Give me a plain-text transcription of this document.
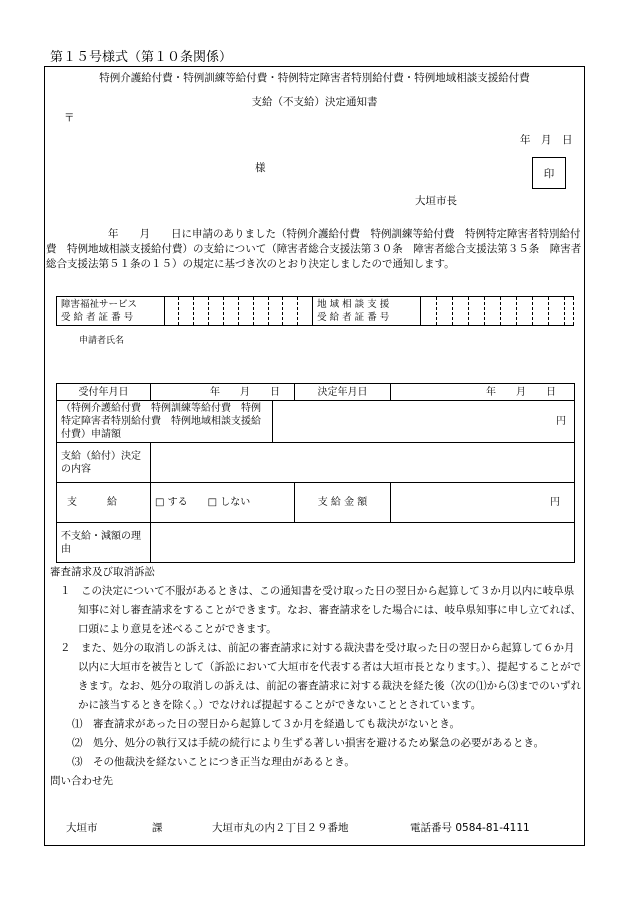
第１５号様式（第１０条関係）
特例介護給付費・特例訓練等給付費・特例特定障害者特別給付費・特例地域相談支援給付費
支給（不支給）決定通知書
〒
年　月　日
様	印
大垣市長
年　　月　　日に申請のありました（特例介護給付費　特例訓練等給付費　特例特定障害者特別給付費　特例地域相談支援給付費）の支給について（障害者総合支援法第３０条　障害者総合支援法第３５条　障害者総合支援法第５１条の１５）の規定に基づき次のとおり決定しましたので通知します。
障害福祉サービス
受 給 者 証 番 号

地 域 相 談 支 援
受 給 者 証 番 号

申請者氏名
受付年月日	年　　月　　日		決定年月日	年　　月　　日
（特例介護給付費　特例訓練等給付費　特例特定障害者特別給付費　特例地域相談支援給付費）申請額		円		
支給（給付）決定の内容				
支　　　給	□ する　　□ しない		支 給 金 額	円
不支給・減額の理由				

審査請求及び取消訴訟

１　この決定について不服があるときは、この通知書を受け取った日の翌日から起算して３か月以内に岐阜県知事に対し審査請求をすることができます。なお、審査請求をした場合には、岐阜県知事に申し立てれば、口頭により意見を述べることができます。

２　また、処分の取消しの訴えは、前記の審査請求に対する裁決書を受け取った日の翌日から起算して６か月以内に大垣市を被告として（訴訟において大垣市を代表する者は大垣市長となります。）、提起することができます。なお、処分の取消しの訴えは、前記の審査請求に対する裁決を経た後（次の⑴から⑶までのいずれかに該当するときを除く。）でなければ提起することができないこととされています。

⑴　審査請求があった日の翌日から起算して３か月を経過しても裁決がないとき。

⑵　処分、処分の執行又は手続の続行により生ずる著しい損害を避けるため緊急の必要があるとき。

⑶　その他裁決を経ないことにつき正当な理由があるとき。

問い合わせ先

大垣市	課	大垣市丸の内２丁目２９番地	電話番号 0584-81-4111
